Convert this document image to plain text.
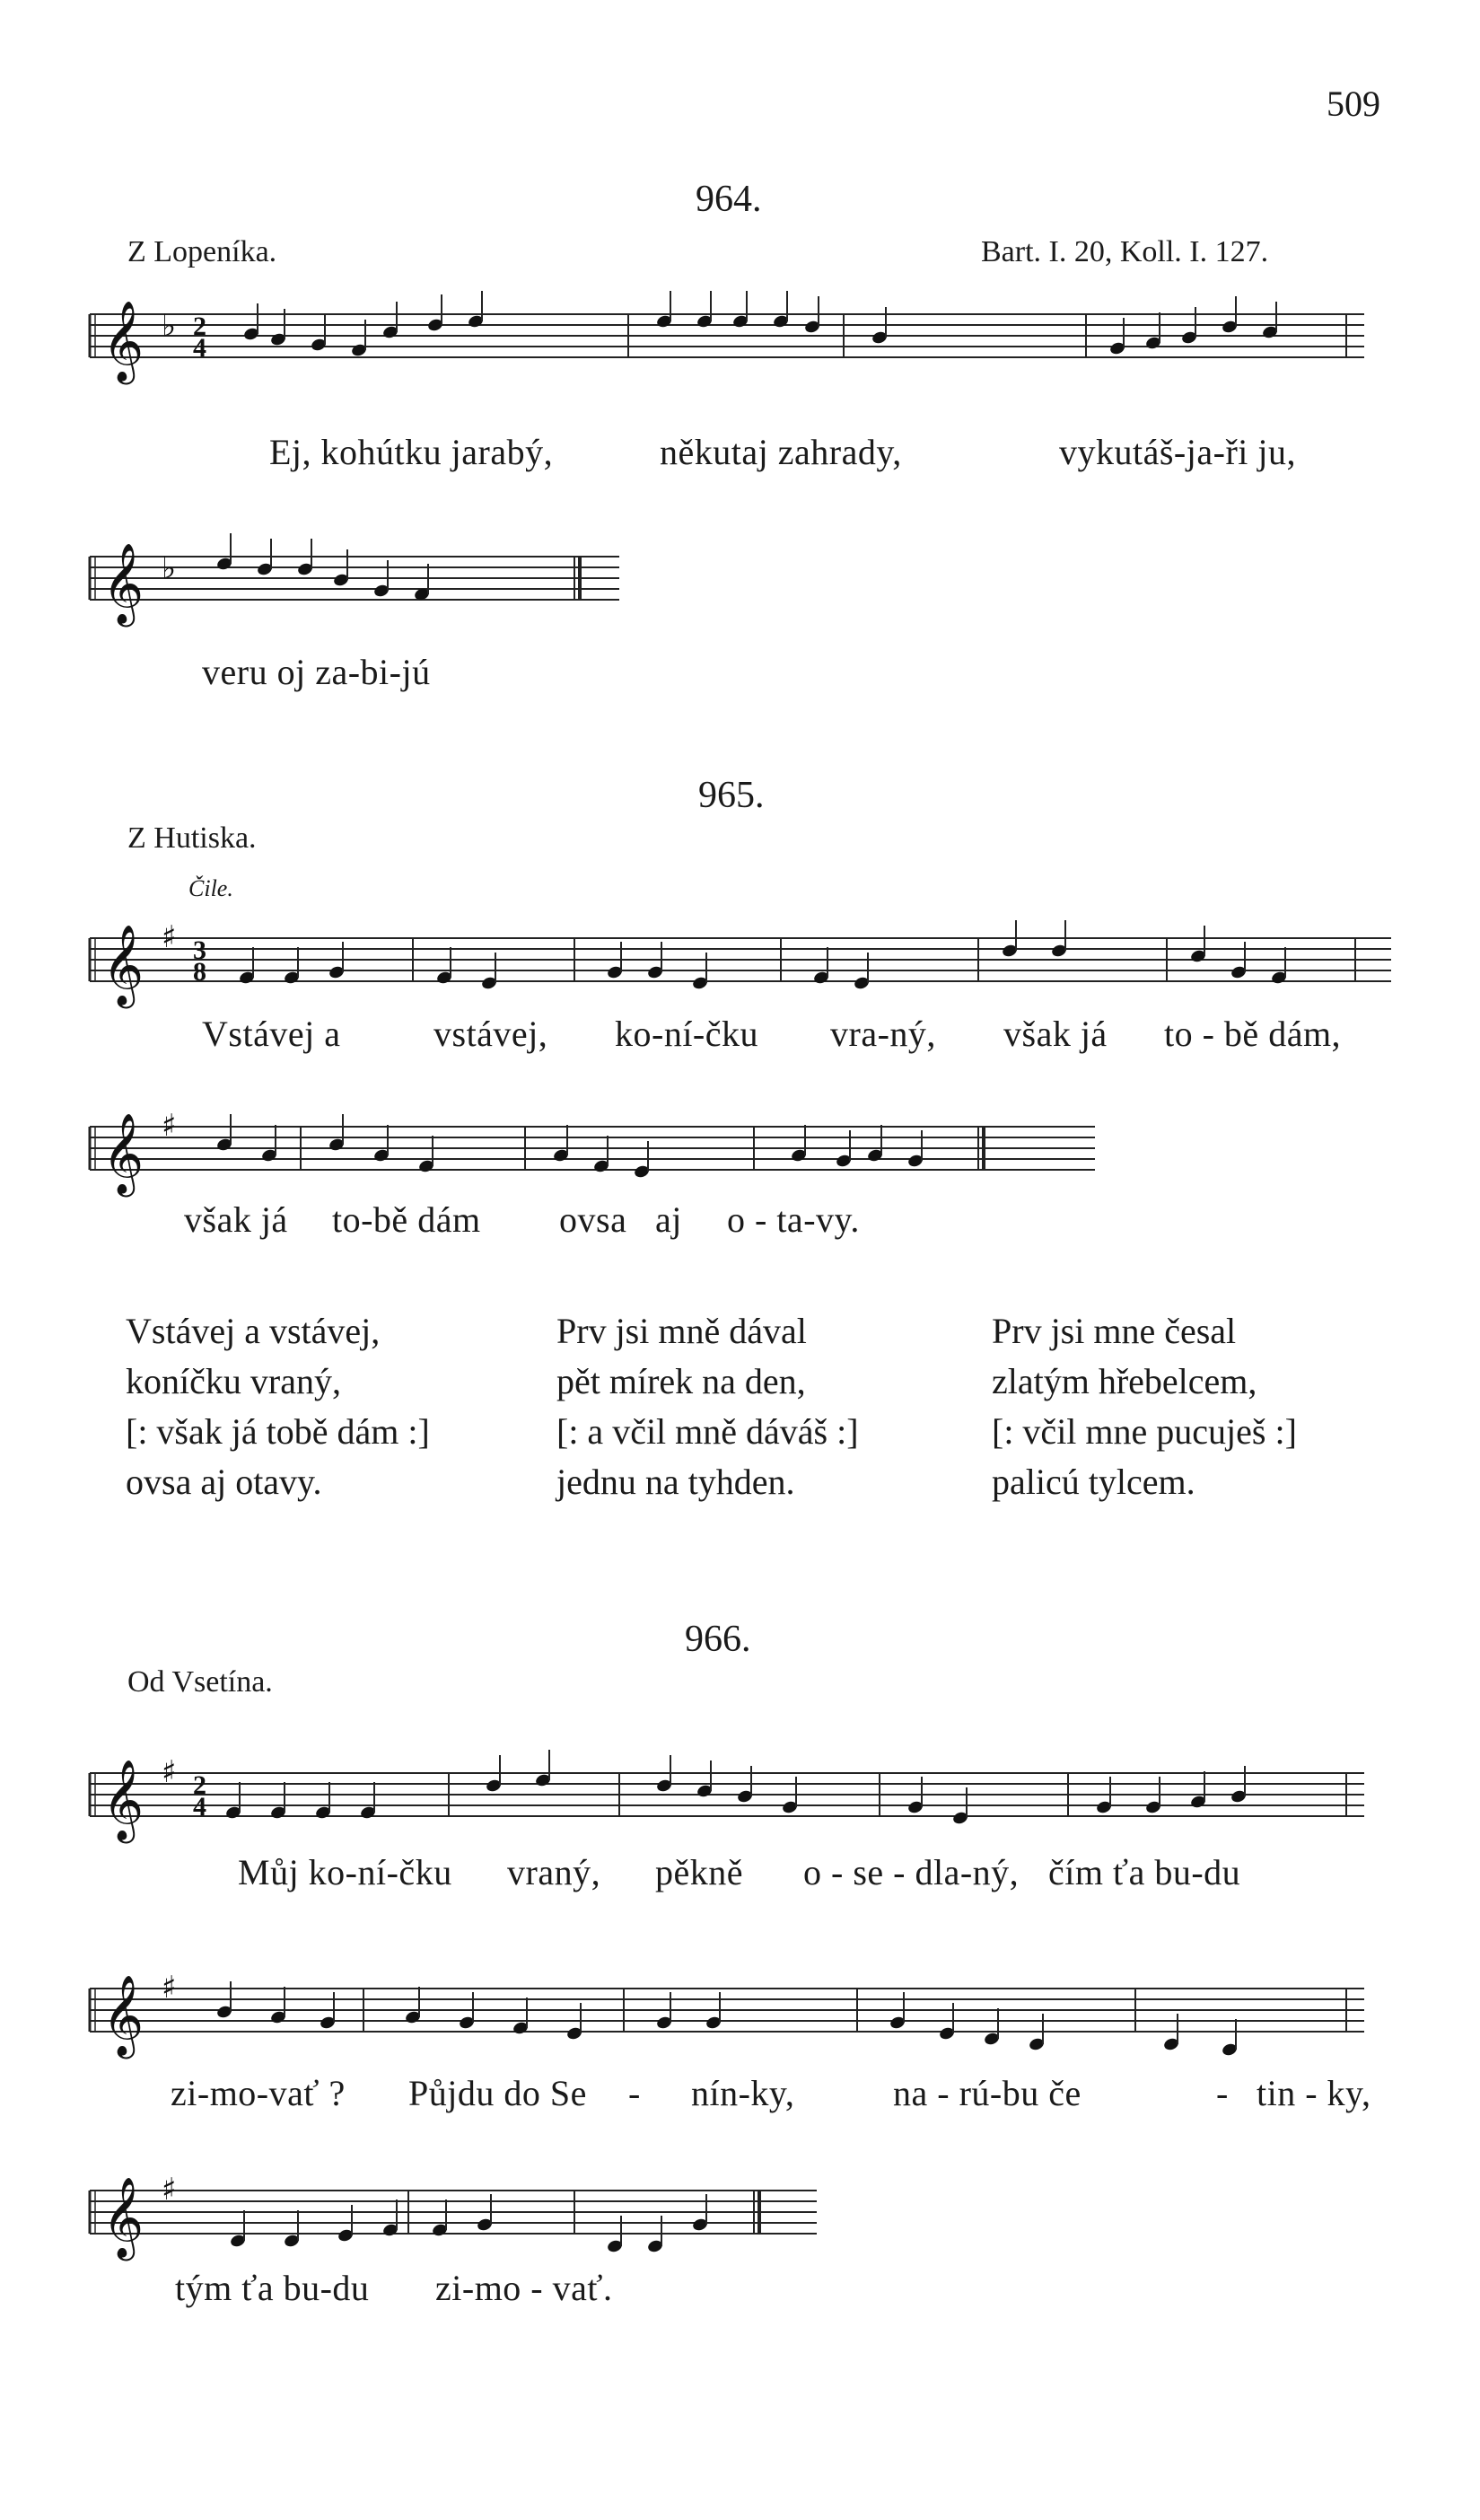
509
964.
Z Lopeníka.	Bart. I. 20, Koll. I. 127.
𝄞 ♭ 2
4
Ej, kohútku jarabý,	někutaj zahrady,	vykutáš-ja-ři ju,
𝄞 ♭
veru oj za-bi-jú
965.
Z Hutiska.
Čile.
𝄞 ♯ 3
8
Vstávej a	vstávej, ko-ní-čku vra-ný, však já to - bě dám,
𝄞 ♯
však já to-bě dám ovsa aj o - ta-vy.
Vstávej a vstávej,
koníčku vraný,
[: však já tobě dám :]
ovsa aj otavy.
Prv jsi mně dával
pět mírek na den,
[: a včil mně dáváš :]
jednu na tyhden.
Prv jsi mne česal
zlatým hřebelcem,
[: včil mne pucuješ :]
palicú tylcem.
966.
Od Vsetína.
𝄞 ♯ 2
4
Můj ko-ní-čku vraný, pěkně o - se - dla-ný, čím ťa bu-du
𝄞 ♯
zi-mo-vať ? Půjdu do Se - nín-ky,	na - rú-bu če	- tin - ky,
𝄞 ♯
tým ťa bu-du zi-mo - vať.
